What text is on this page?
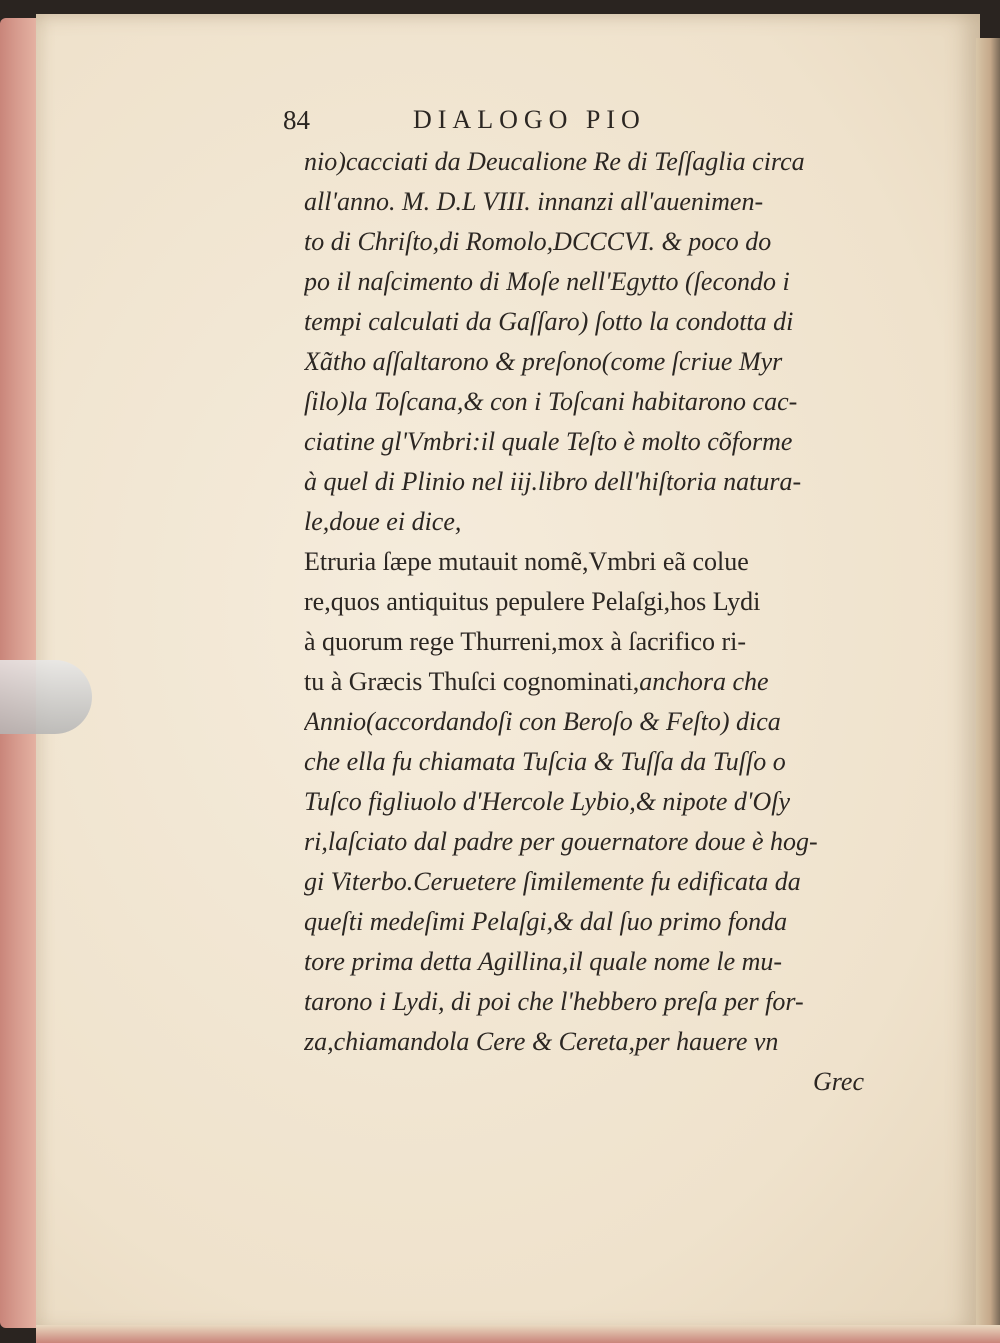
84	DIALOGO PIO
nio)cacciati da Deucalione Re di Teſſaglia circa
all'anno. M. D.L VIII. innanzi all'auenimen-
to di Chriſto,di Romolo,DCCCVI. & poco do
po il naſcimento di Moſe nell'Egytto (ſecondo i
tempi calculati da Gaſſaro) ſotto la condotta di
Xãtho aſſaltarono & preſono(come ſcriue Myr
ſilo)la Toſcana,& con i Toſcani habitarono cac-
ciatine gl'Vmbri:il quale Teſto è molto cõforme
à quel di Plinio nel iij.libro dell'hiſtoria natura-
le,doue ei dice,
Etruria ſæpe mutauit nomẽ,Vmbri eã colue
re,quos antiquitus pepulere Pelaſgi,hos Lydi
à quorum rege Thurreni,mox à ſacrifico ri-
tu à Græcis Thuſci cognominati,anchora che
Annio(accordandoſi con Beroſo & Feſto) dica
che ella fu chiamata Tuſcia & Tuſſa da Tuſſo o
Tuſco figliuolo d'Hercole Lybio,& nipote d'Oſy
ri,laſciato dal padre per gouernatore doue è hog-
gi Viterbo.Ceruetere ſimilemente fu edificata da
queſti medeſimi Pelaſgi,& dal ſuo primo fonda
tore prima detta Agillina,il quale nome le mu-
tarono i Lydi, di poi che l'hebbero preſa per for-
za,chiamandola Cere & Cereta,per hauere vn
Grec
